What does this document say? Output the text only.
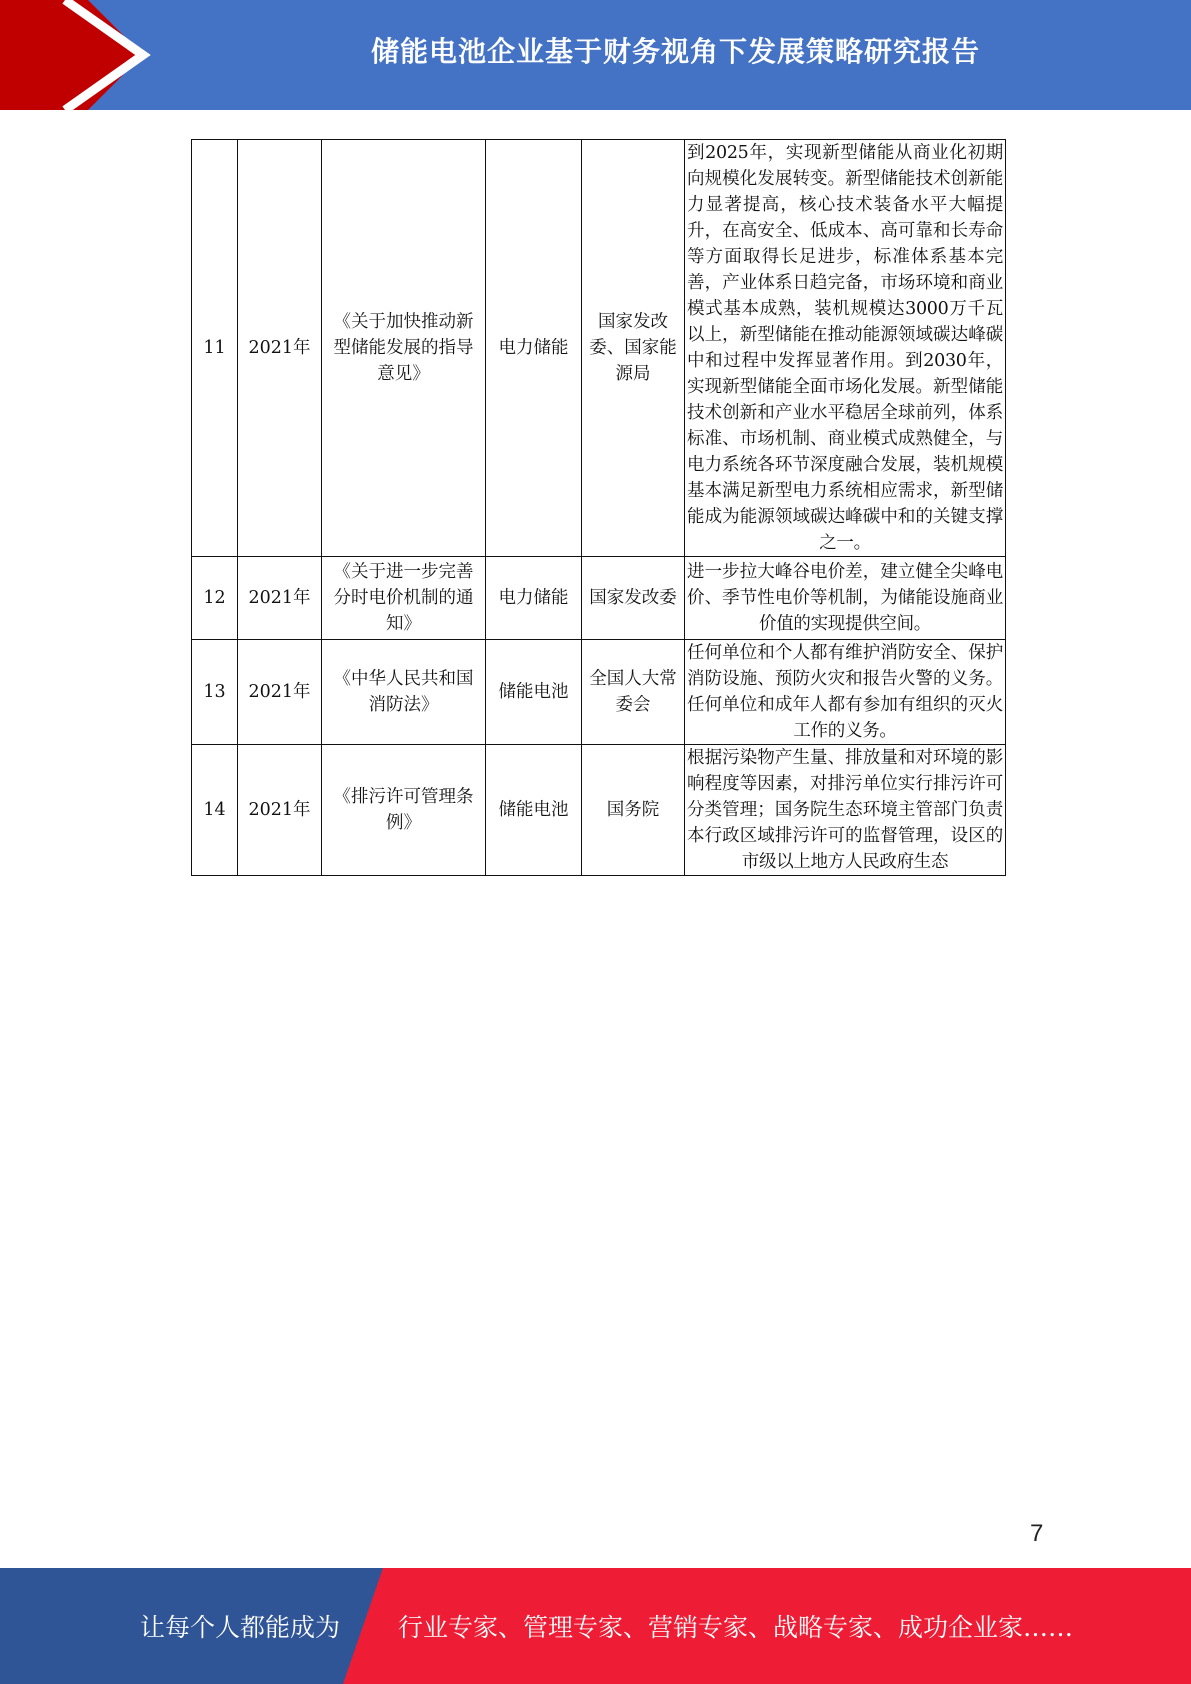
储能电池企业基于财务视角下发展策略研究报告
11	2021年	《关于加快推动新型储能发展的指导意见》	电力储能	国家发改委、国家能源局	到2025年，实现新型储能从商业化初期向规模化发展转变。新型储能技术创新能力显著提高，核心技术装备水平大幅提升，在高安全、低成本、高可靠和长寿命等方面取得长足进步，标准体系基本完善，产业体系日趋完备，市场环境和商业模式基本成熟，装机规模达3000万千瓦以上，新型储能在推动能源领域碳达峰碳中和过程中发挥显著作用。到2030年，实现新型储能全面市场化发展。新型储能技术创新和产业水平稳居全球前列，体系标准、市场机制、商业模式成熟健全，与电力系统各环节深度融合发展，装机规模基本满足新型电力系统相应需求，新型储能成为能源领域碳达峰碳中和的关键支撑之一。
12	2021年	《关于进一步完善分时电价机制的通知》	电力储能	国家发改委	进一步拉大峰谷电价差，建立健全尖峰电价、季节性电价等机制，为储能设施商业价值的实现提供空间。
13	2021年	《中华人民共和国消防法》	储能电池	全国人大常委会	任何单位和个人都有维护消防安全、保护消防设施、预防火灾和报告火警的义务。任何单位和成年人都有参加有组织的灭火工作的义务。
14	2021年	《排污许可管理条例》	储能电池	国务院	根据污染物产生量、排放量和对环境的影响程度等因素，对排污单位实行排污许可分类管理；国务院生态环境主管部门负责本行政区域排污许可的监督管理，设区的市级以上地方人民政府生态
7
让每个人都能成为 行业专家、管理专家、营销专家、战略专家、成功企业家……
